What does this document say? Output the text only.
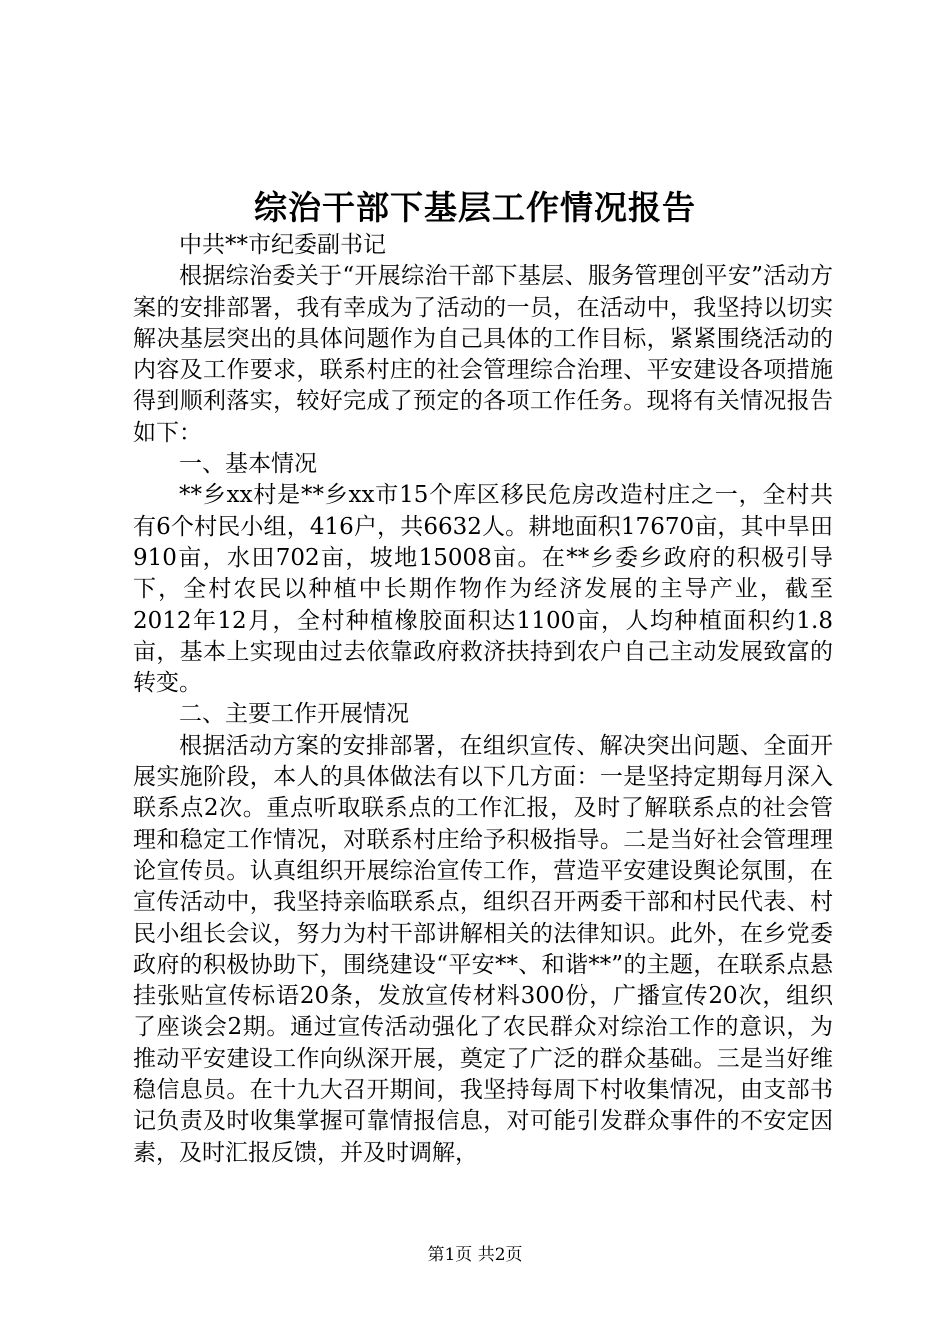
综治干部下基层工作情况报告

中共**市纪委副书记

根据综治委关于“开展综治干部下基层、服务管理创平安”活动方案的安排部署，我有幸成为了活动的一员，在活动中，我坚持以切实解决基层突出的具体问题作为自己具体的工作目标，紧紧围绕活动的内容及工作要求，联系村庄的社会管理综合治理、平安建设各项措施得到顺利落实，较好完成了预定的各项工作任务。现将有关情况报告如下：

一、基本情况

**乡xx村是**乡xx市15个库区移民危房改造村庄之一，全村共有6个村民小组，416户，共6632人。耕地面积17670亩，其中旱田910亩，水田702亩，坡地15008亩。在**乡委乡政府的积极引导下，全村农民以种植中长期作物作为经济发展的主导产业，截至2012年12月，全村种植橡胶面积达1100亩，人均种植面积约1.8亩，基本上实现由过去依靠政府救济扶持到农户自己主动发展致富的转变。

二、主要工作开展情况

根据活动方案的安排部署，在组织宣传、解决突出问题、全面开展实施阶段，本人的具体做法有以下几方面：一是坚持定期每月深入联系点2次。重点听取联系点的工作汇报，及时了解联系点的社会管理和稳定工作情况，对联系村庄给予积极指导。二是当好社会管理理论宣传员。认真组织开展综治宣传工作，营造平安建设舆论氛围，在宣传活动中，我坚持亲临联系点，组织召开两委干部和村民代表、村民小组长会议，努力为村干部讲解相关的法律知识。此外，在乡党委政府的积极协助下，围绕建设“平安**、和谐**”的主题，在联系点悬挂张贴宣传标语20条，发放宣传材料300份，广播宣传20次，组织了座谈会2期。通过宣传活动强化了农民群众对综治工作的意识，为推动平安建设工作向纵深开展，奠定了广泛的群众基础。三是当好维稳信息员。在十九大召开期间，我坚持每周下村收集情况，由支部书记负责及时收集掌握可靠情报信息，对可能引发群众事件的不安定因素，及时汇报反馈，并及时调解，

第1页 共2页
